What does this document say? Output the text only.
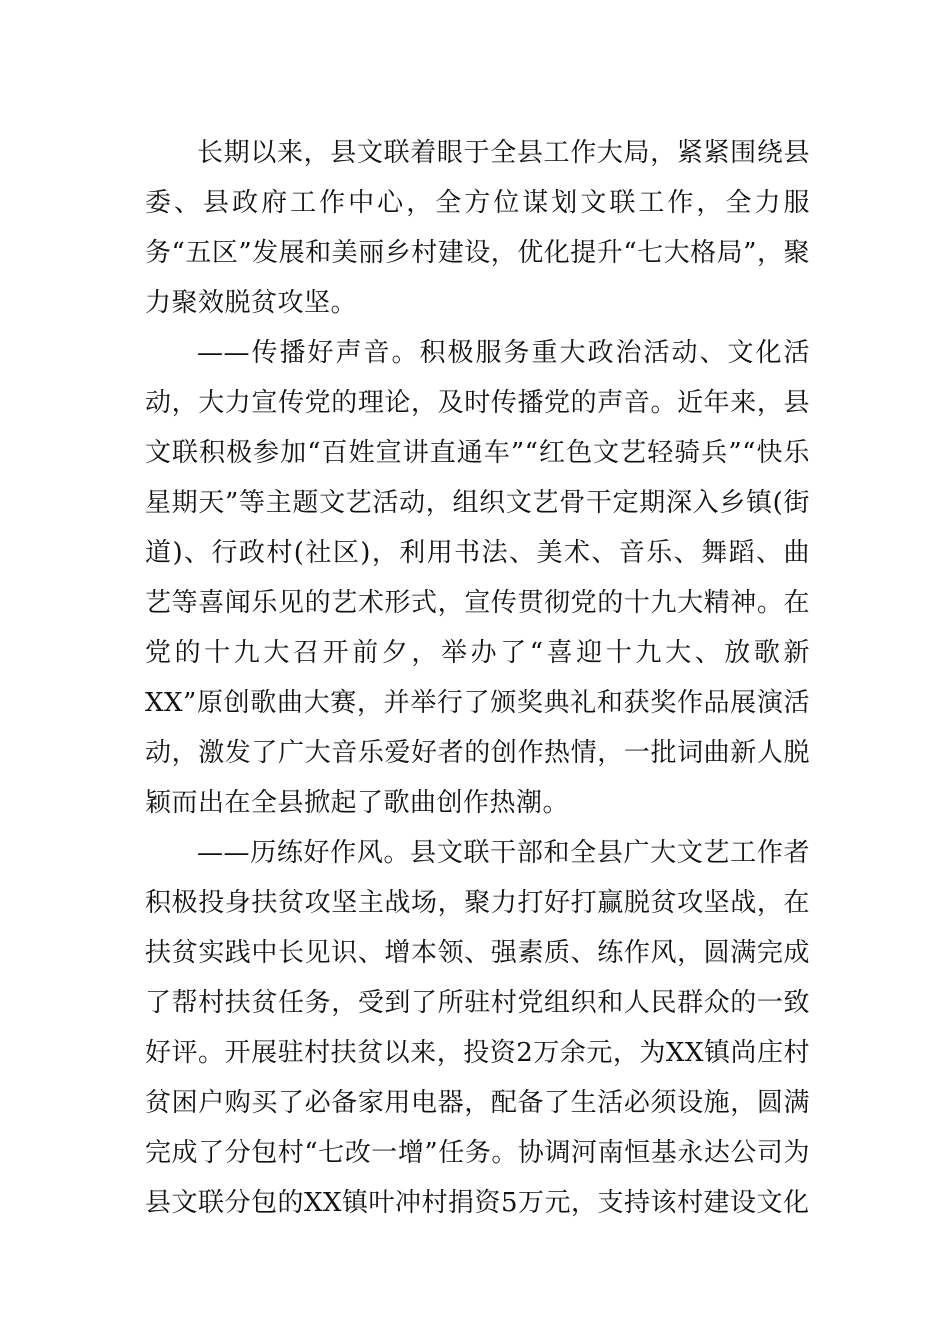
长期以来，县文联着眼于全县工作大局，紧紧围绕县委、县政府工作中心，全方位谋划文联工作，全力服务“五区”发展和美丽乡村建设，优化提升“七大格局”，聚力聚效脱贫攻坚。

——传播好声音。积极服务重大政治活动、文化活动，大力宣传党的理论，及时传播党的声音。近年来，县文联积极参加“百姓宣讲直通车”“红色文艺轻骑兵”“快乐星期天”等主题文艺活动，组织文艺骨干定期深入乡镇(街道)、行政村(社区)，利用书法、美术、音乐、舞蹈、曲艺等喜闻乐见的艺术形式，宣传贯彻党的十九大精神。在党的十九大召开前夕，举办了“喜迎十九大、放歌新XX”原创歌曲大赛，并举行了颁奖典礼和获奖作品展演活动，激发了广大音乐爱好者的创作热情，一批词曲新人脱颖而出在全县掀起了歌曲创作热潮。

——历练好作风。县文联干部和全县广大文艺工作者积极投身扶贫攻坚主战场，聚力打好打赢脱贫攻坚战，在扶贫实践中长见识、增本领、强素质、练作风，圆满完成了帮村扶贫任务，受到了所驻村党组织和人民群众的一致好评。开展驻村扶贫以来，投资2万余元，为XX镇尚庄村贫困户购买了必备家用电器，配备了生活必须设施，圆满完成了分包村“七改一增”任务。协调河南恒基永达公司为县文联分包的XX镇叶冲村捐资5万元，支持该村建设文化
